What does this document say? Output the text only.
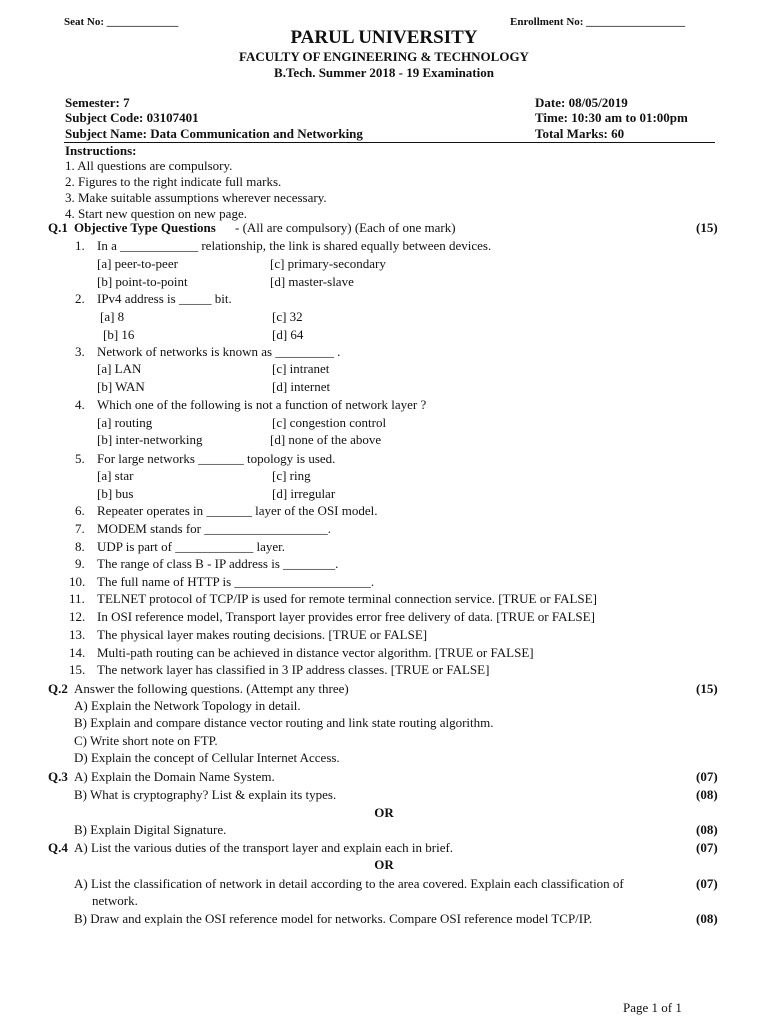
Seat No: _____________	Enrollment No: __________________
PARUL UNIVERSITY
FACULTY OF ENGINEERING & TECHNOLOGY
B.Tech. Summer 2018 - 19 Examination
Semester: 7
Subject Code: 03107401
Subject Name: Data Communication and Networking
Date: 08/05/2019
Time: 10:30 am to 01:00pm
Total Marks: 60
Instructions:
1. All questions are compulsory.
2. Figures to the right indicate full marks.
3. Make suitable assumptions wherever necessary.
4. Start new question on new page.
Q.1 Objective Type Questions - (All are compulsory) (Each of one mark)	(15)
1. In a ____________ relationship, the link is shared equally between devices.
[a] peer-to-peer	[c] primary-secondary
[b] point-to-point	[d] master-slave
2. IPv4 address is _____ bit.
[a] 8	[c] 32
[b] 16	[d] 64
3. Network of networks is known as _________ .
[a] LAN	[c] intranet
[b] WAN	[d] internet
4. Which one of the following is not a function of network layer ?
[a] routing	[c] congestion control
[b] inter-networking	[d] none of the above
5. For large networks _______ topology is used.
[a] star	[c] ring
[b] bus	[d] irregular
6. Repeater operates in _______ layer of the OSI model.
7. MODEM stands for ___________________.
8. UDP is part of ____________ layer.
9. The range of class B - IP address is ________.
10. The full name of HTTP is _____________________.
11. TELNET protocol of TCP/IP is used for remote terminal connection service. [TRUE or FALSE]
12. In OSI reference model, Transport layer provides error free delivery of data. [TRUE or FALSE]
13. The physical layer makes routing decisions. [TRUE or FALSE]
14. Multi-path routing can be achieved in distance vector algorithm. [TRUE or FALSE]
15. The network layer has classified in 3 IP address classes. [TRUE or FALSE]
Q.2 Answer the following questions. (Attempt any three)	(15)
A) Explain the Network Topology in detail.
B) Explain and compare distance vector routing and link state routing algorithm.
C) Write short note on FTP.
D) Explain the concept of Cellular Internet Access.
Q.3 A) Explain the Domain Name System.	(07)
B) What is cryptography? List & explain its types.	(08)
OR
B) Explain Digital Signature.	(08)
Q.4 A) List the various duties of the transport layer and explain each in brief.	(07)
OR
A) List the classification of network in detail according to the area covered. Explain each classification of
network.
(07)
B) Draw and explain the OSI reference model for networks. Compare OSI reference model TCP/IP.	(08)
Page 1 of 1
